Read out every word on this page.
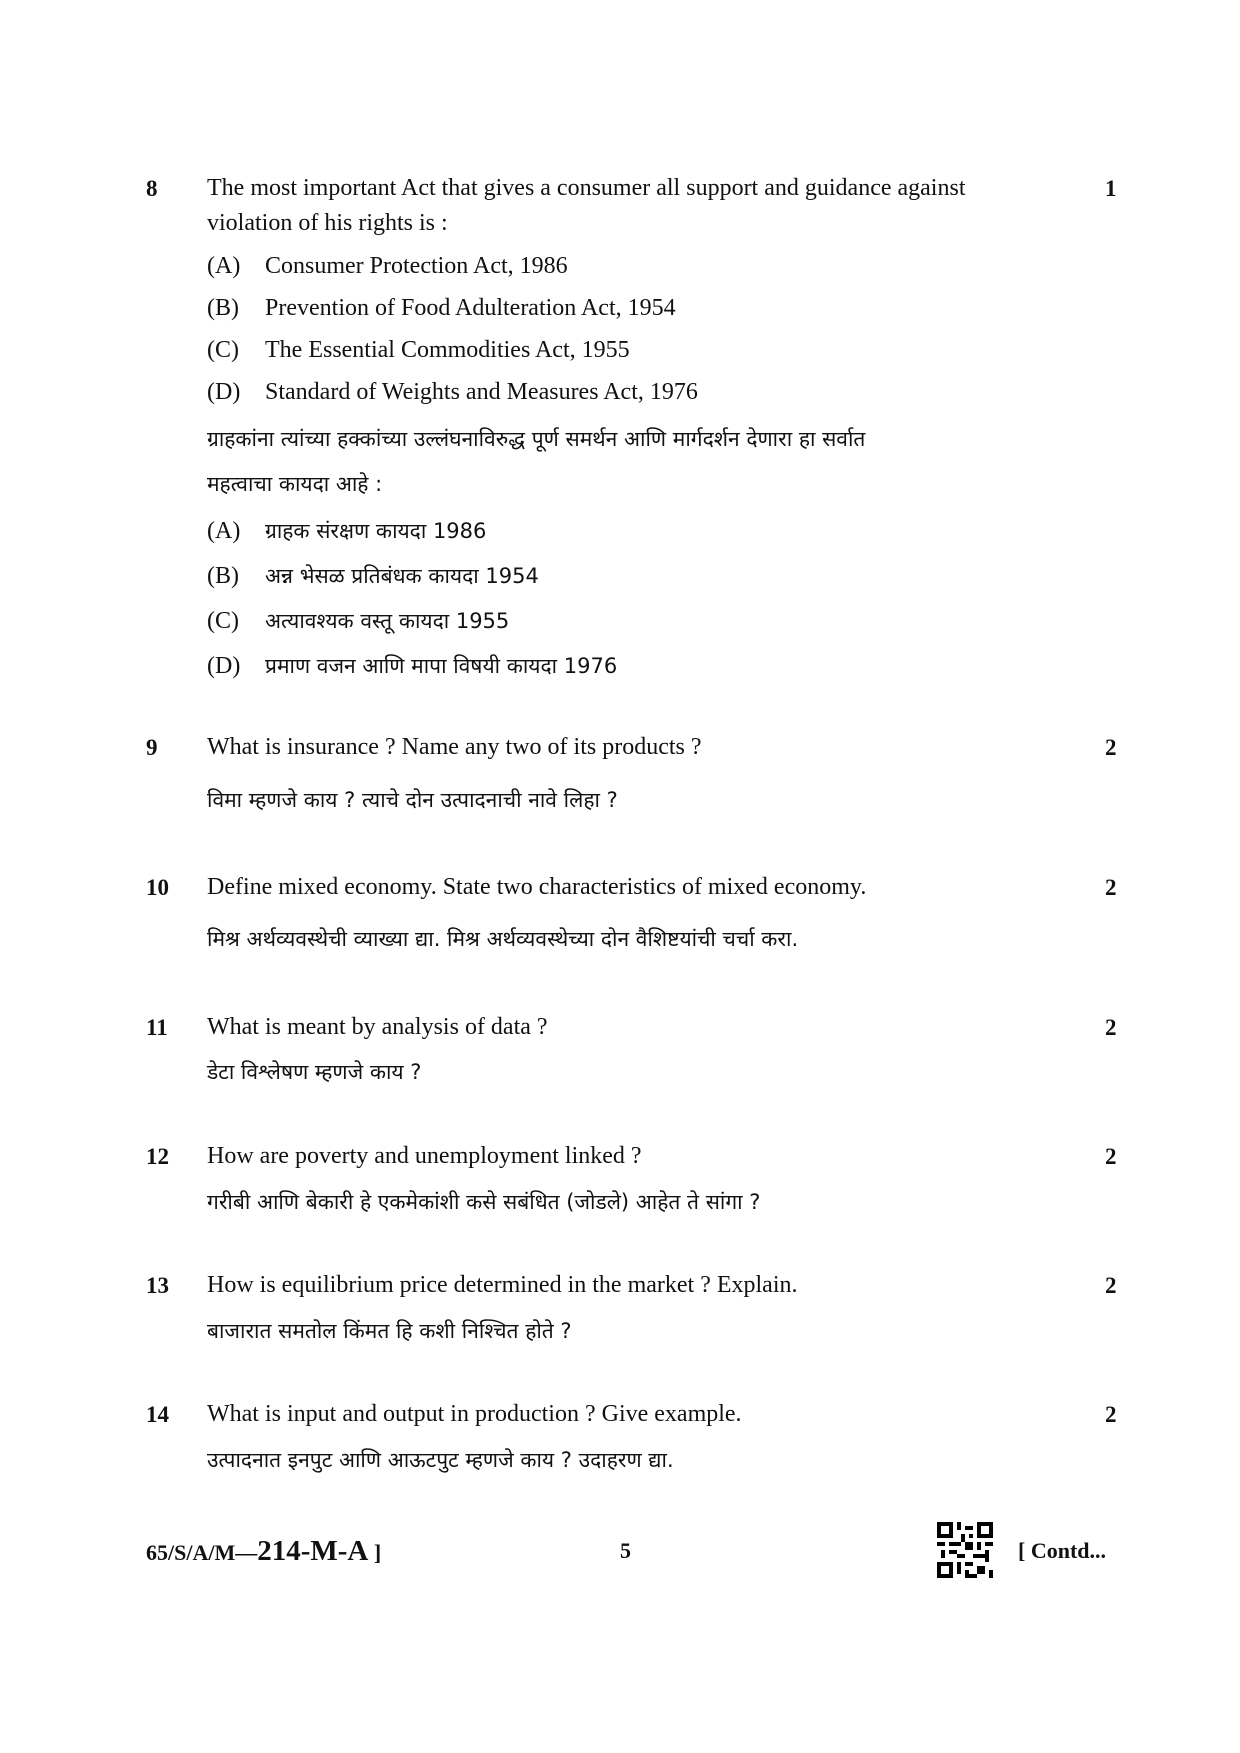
8	1
The most important Act that gives a consumer all support and guidance against
violation of his rights is :
(A) Consumer Protection Act, 1986
(B) Prevention of Food Adulteration Act, 1954
(C) The Essential Commodities Act, 1955
(D) Standard of Weights and Measures Act, 1976
ग्राहकांना त्यांच्या हक्कांच्या उल्लंघनाविरुद्ध पूर्ण समर्थन आणि मार्गदर्शन देणारा हा सर्वात
महत्वाचा कायदा आहे :
(A) ग्राहक संरक्षण कायदा 1986
(B) अन्न भेसळ प्रतिबंधक कायदा 1954
(C) अत्यावश्यक वस्तू कायदा 1955
(D) प्रमाण वजन आणि मापा विषयी कायदा 1976
9	2
What is insurance ? Name any two of its products ?
विमा म्हणजे काय ? त्याचे दोन उत्पादनाची नावे लिहा ?
10	2
Define mixed economy. State two characteristics of mixed economy.
मिश्र अर्थव्यवस्थेची व्याख्या द्या. मिश्र अर्थव्यवस्थेच्या दोन वैशिष्टयांची चर्चा करा.
11	2
What is meant by analysis of data ?
डेटा विश्लेषण म्हणजे काय ?
12	2
How are poverty and unemployment linked ?
गरीबी आणि बेकारी हे एकमेकांशी कसे सबंधित (जोडले) आहेत ते सांगा ?
13	2
How is equilibrium price determined in the market ? Explain.
बाजारात समतोल किंमत हि कशी निश्चित होते ?
14	2
What is input and output in production ? Give example.
उत्पादनात इनपुट आणि आऊटपुट म्हणजे काय ? उदाहरण द्या.
65/S/A/M—214-M-A ]	5	[ Contd...
